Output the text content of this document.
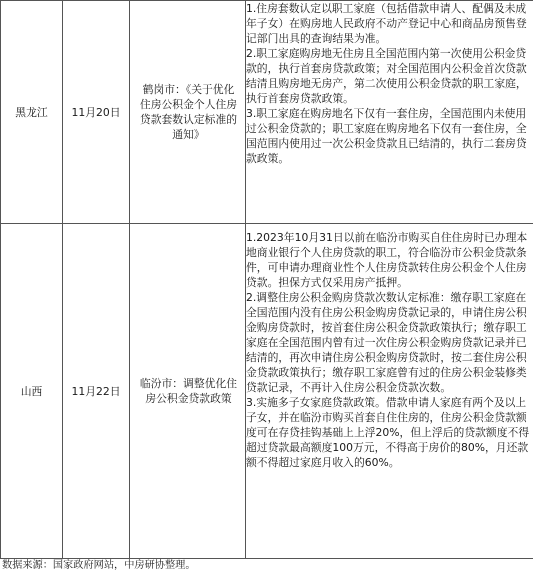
黑龙江	11月20日	鹤岗市：《关于优化住房公积金个人住房贷款套数认定标准的通知》	1.住房套数认定以职工家庭（包括借款申请人、配偶及未成年子女）在购房地人民政府不动产登记中心和商品房预售登记部门出具的查询结果为准。

2.职工家庭购房地无住房且全国范围内第一次使用公积金贷款的，执行首套房贷款政策；对全国范围内公积金首次贷款结清且购房地无房产，第二次使用公积金贷款的职工家庭，执行首套房贷款政策。

3.职工家庭在购房地名下仅有一套住房，全国范围内未使用过公积金贷款的；职工家庭在购房地名下仅有一套住房，全国范围内使用过一次公积金贷款且已结清的，执行二套房贷款政策。

山西	11月22日	临汾市：调整优化住房公积金贷款政策	1.2023年10月31日以前在临汾市购买自住住房时已办理本地商业银行个人住房贷款的职工，符合临汾市公积金贷款条件，可申请办理商业性个人住房贷款转住房公积金个人住房贷款。担保方式仅采用房产抵押。

2.调整住房公积金购房贷款次数认定标准：缴存职工家庭在全国范围内没有住房公积金购房贷款记录的，申请住房公积金购房贷款时，按首套住房公积金贷款政策执行；缴存职工家庭在全国范围内曾有过一次住房公积金购房贷款记录并已结清的，再次申请住房公积金购房贷款时，按二套住房公积金贷款政策执行；缴存职工家庭曾有过的住房公积金装修类贷款记录，不再计入住房公积金贷款次数。

3.实施多子女家庭贷款政策。借款申请人家庭有两个及以上子女，并在临汾市购买首套自住住房的，住房公积金贷款额度可在存贷挂钩基础上上浮20%，但上浮后的贷款额度不得超过贷款最高额度100万元，不得高于房价的80%，月还款额不得超过家庭月收入的60%。

数据来源：国家政府网站，中房研协整理。
